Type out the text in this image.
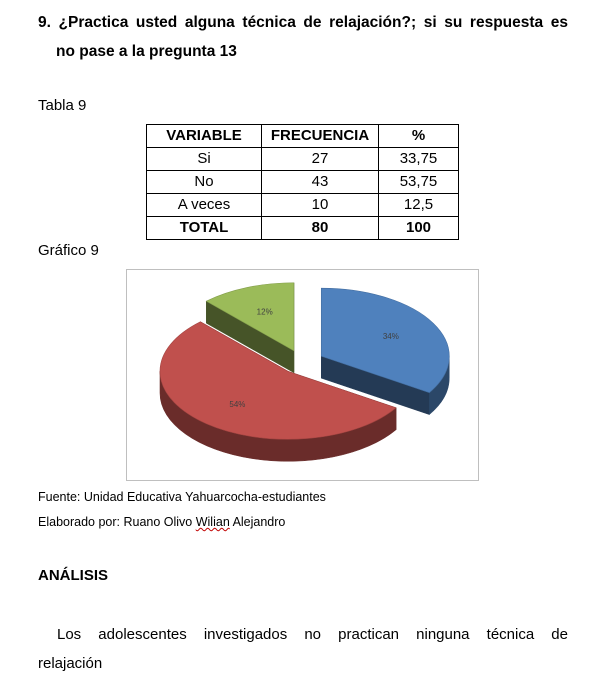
9. ¿Practica usted alguna técnica de relajación?; si su respuesta es
no pase a la pregunta 13
Tabla 9
VARIABLE	FRECUENCIA	%
Si	27	33,75
No	43	53,75
A veces	10	12,5
TOTAL	80	100
Gráfico 9
34%
54%
12%
Fuente: Unidad Educativa Yahuarcocha-estudiantes
Elaborado por: Ruano Olivo Wilian Alejandro
ANÁLISIS
Los adolescentes investigados no practican ninguna técnica de
relajación
